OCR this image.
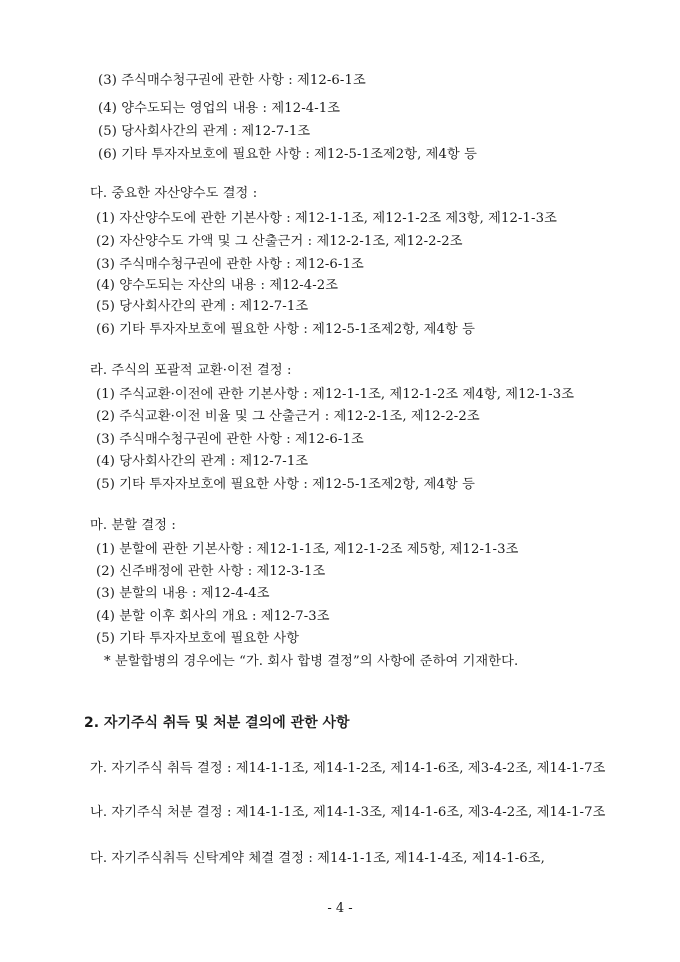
(3) 주식매수청구권에 관한 사항 : 제12-6-1조
(4) 양수도되는 영업의 내용 : 제12-4-1조
(5) 당사회사간의 관계 : 제12-7-1조
(6) 기타 투자자보호에 필요한 사항 : 제12-5-1조제2항, 제4항 등
다. 중요한 자산양수도 결정 :
(1) 자산양수도에 관한 기본사항 : 제12-1-1조, 제12-1-2조 제3항, 제12-1-3조
(2) 자산양수도 가액 및 그 산출근거 : 제12-2-1조, 제12-2-2조
(3) 주식매수청구권에 관한 사항 : 제12-6-1조
(4) 양수도되는 자산의 내용 : 제12-4-2조
(5) 당사회사간의 관계 : 제12-7-1조
(6) 기타 투자자보호에 필요한 사항 : 제12-5-1조제2항, 제4항 등
라. 주식의 포괄적 교환·이전 결정 :
(1) 주식교환·이전에 관한 기본사항 : 제12-1-1조, 제12-1-2조 제4항, 제12-1-3조
(2) 주식교환·이전 비율 및 그 산출근거 : 제12-2-1조, 제12-2-2조
(3) 주식매수청구권에 관한 사항 : 제12-6-1조
(4) 당사회사간의 관계 : 제12-7-1조
(5) 기타 투자자보호에 필요한 사항 : 제12-5-1조제2항, 제4항 등
마. 분할 결정 :
(1) 분할에 관한 기본사항 : 제12-1-1조, 제12-1-2조 제5항, 제12-1-3조
(2) 신주배정에 관한 사항 : 제12-3-1조
(3) 분할의 내용 : 제12-4-4조
(4) 분할 이후 회사의 개요 : 제12-7-3조
(5) 기타 투자자보호에 필요한 사항
* 분할합병의 경우에는 “가. 회사 합병 결정”의 사항에 준하여 기재한다.
2. 자기주식 취득 및 처분 결의에 관한 사항
가. 자기주식 취득 결정 : 제14-1-1조, 제14-1-2조, 제14-1-6조, 제3-4-2조, 제14-1-7조
나. 자기주식 처분 결정 : 제14-1-1조, 제14-1-3조, 제14-1-6조, 제3-4-2조, 제14-1-7조
다. 자기주식취득 신탁계약 체결 결정 : 제14-1-1조, 제14-1-4조, 제14-1-6조,
- 4 -
